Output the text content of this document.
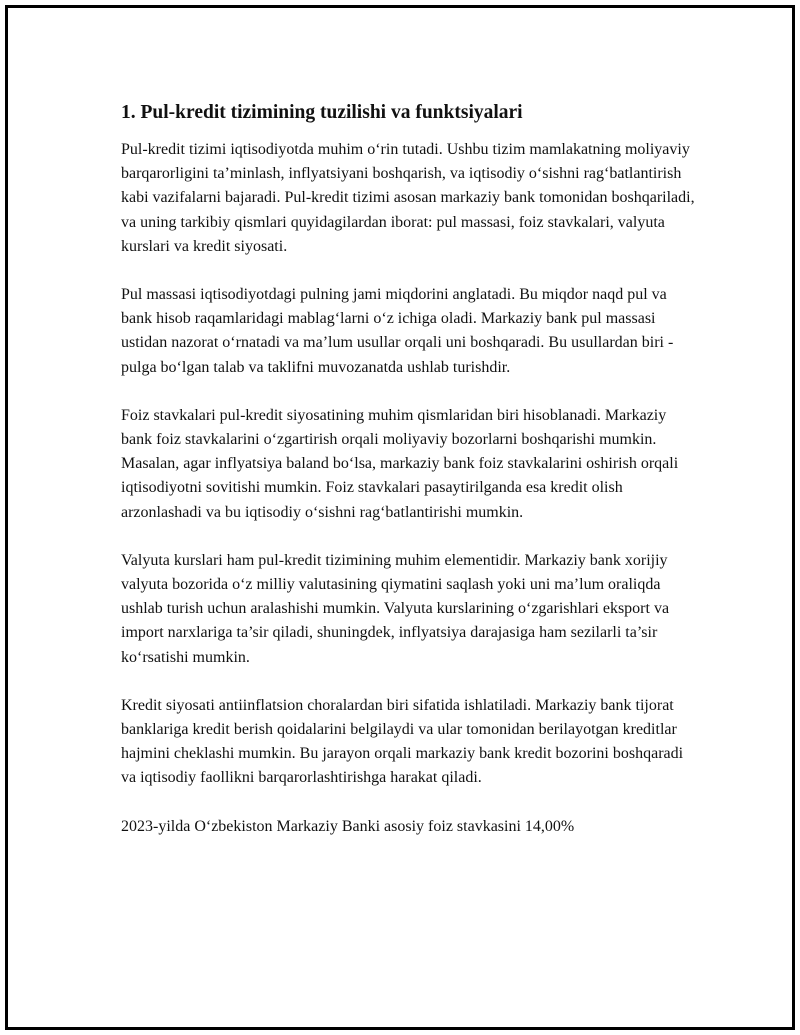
1. Pul-kredit tizimining tuzilishi va funktsiyalari

Pul-kredit tizimi iqtisodiyotda muhim o‘rin tutadi. Ushbu tizim mamlakatning moliyaviy barqarorligini ta’minlash, inflyatsiyani boshqarish, va iqtisodiy o‘sishni rag‘batlantirish kabi vazifalarni bajaradi. Pul-kredit tizimi asosan markaziy bank tomonidan boshqariladi, va uning tarkibiy qismlari quyidagilardan iborat: pul massasi, foiz stavkalari, valyuta kurslari va kredit siyosati.

Pul massasi iqtisodiyotdagi pulning jami miqdorini anglatadi. Bu miqdor naqd pul va bank hisob raqamlaridagi mablag‘larni o‘z ichiga oladi. Markaziy bank pul massasi ustidan nazorat o‘rnatadi va ma’lum usullar orqali uni boshqaradi. Bu usullardan biri - pulga bo‘lgan talab va taklifni muvozanatda ushlab turishdir.

Foiz stavkalari pul-kredit siyosatining muhim qismlaridan biri hisoblanadi. Markaziy bank foiz stavkalarini o‘zgartirish orqali moliyaviy bozorlarni boshqarishi mumkin. Masalan, agar inflyatsiya baland bo‘lsa, markaziy bank foiz stavkalarini oshirish orqali iqtisodiyotni sovitishi mumkin. Foiz stavkalari pasaytirilganda esa kredit olish arzonlashadi va bu iqtisodiy o‘sishni rag‘batlantirishi mumkin.

Valyuta kurslari ham pul-kredit tizimining muhim elementidir. Markaziy bank xorijiy valyuta bozorida o‘z milliy valutasining qiymatini saqlash yoki uni ma’lum oraliqda ushlab turish uchun aralashishi mumkin. Valyuta kurslarining o‘zgarishlari eksport va import narxlariga ta’sir qiladi, shuningdek, inflyatsiya darajasiga ham sezilarli ta’sir ko‘rsatishi mumkin.

Kredit siyosati antiinflatsion choralardan biri sifatida ishlatiladi. Markaziy bank tijorat banklariga kredit berish qoidalarini belgilaydi va ular tomonidan berilayotgan kreditlar hajmini cheklashi mumkin. Bu jarayon orqali markaziy bank kredit bozorini boshqaradi va iqtisodiy faollikni barqarorlashtirishga harakat qiladi.

2023-yilda O‘zbekiston Markaziy Banki asosiy foiz stavkasini 14,00%
